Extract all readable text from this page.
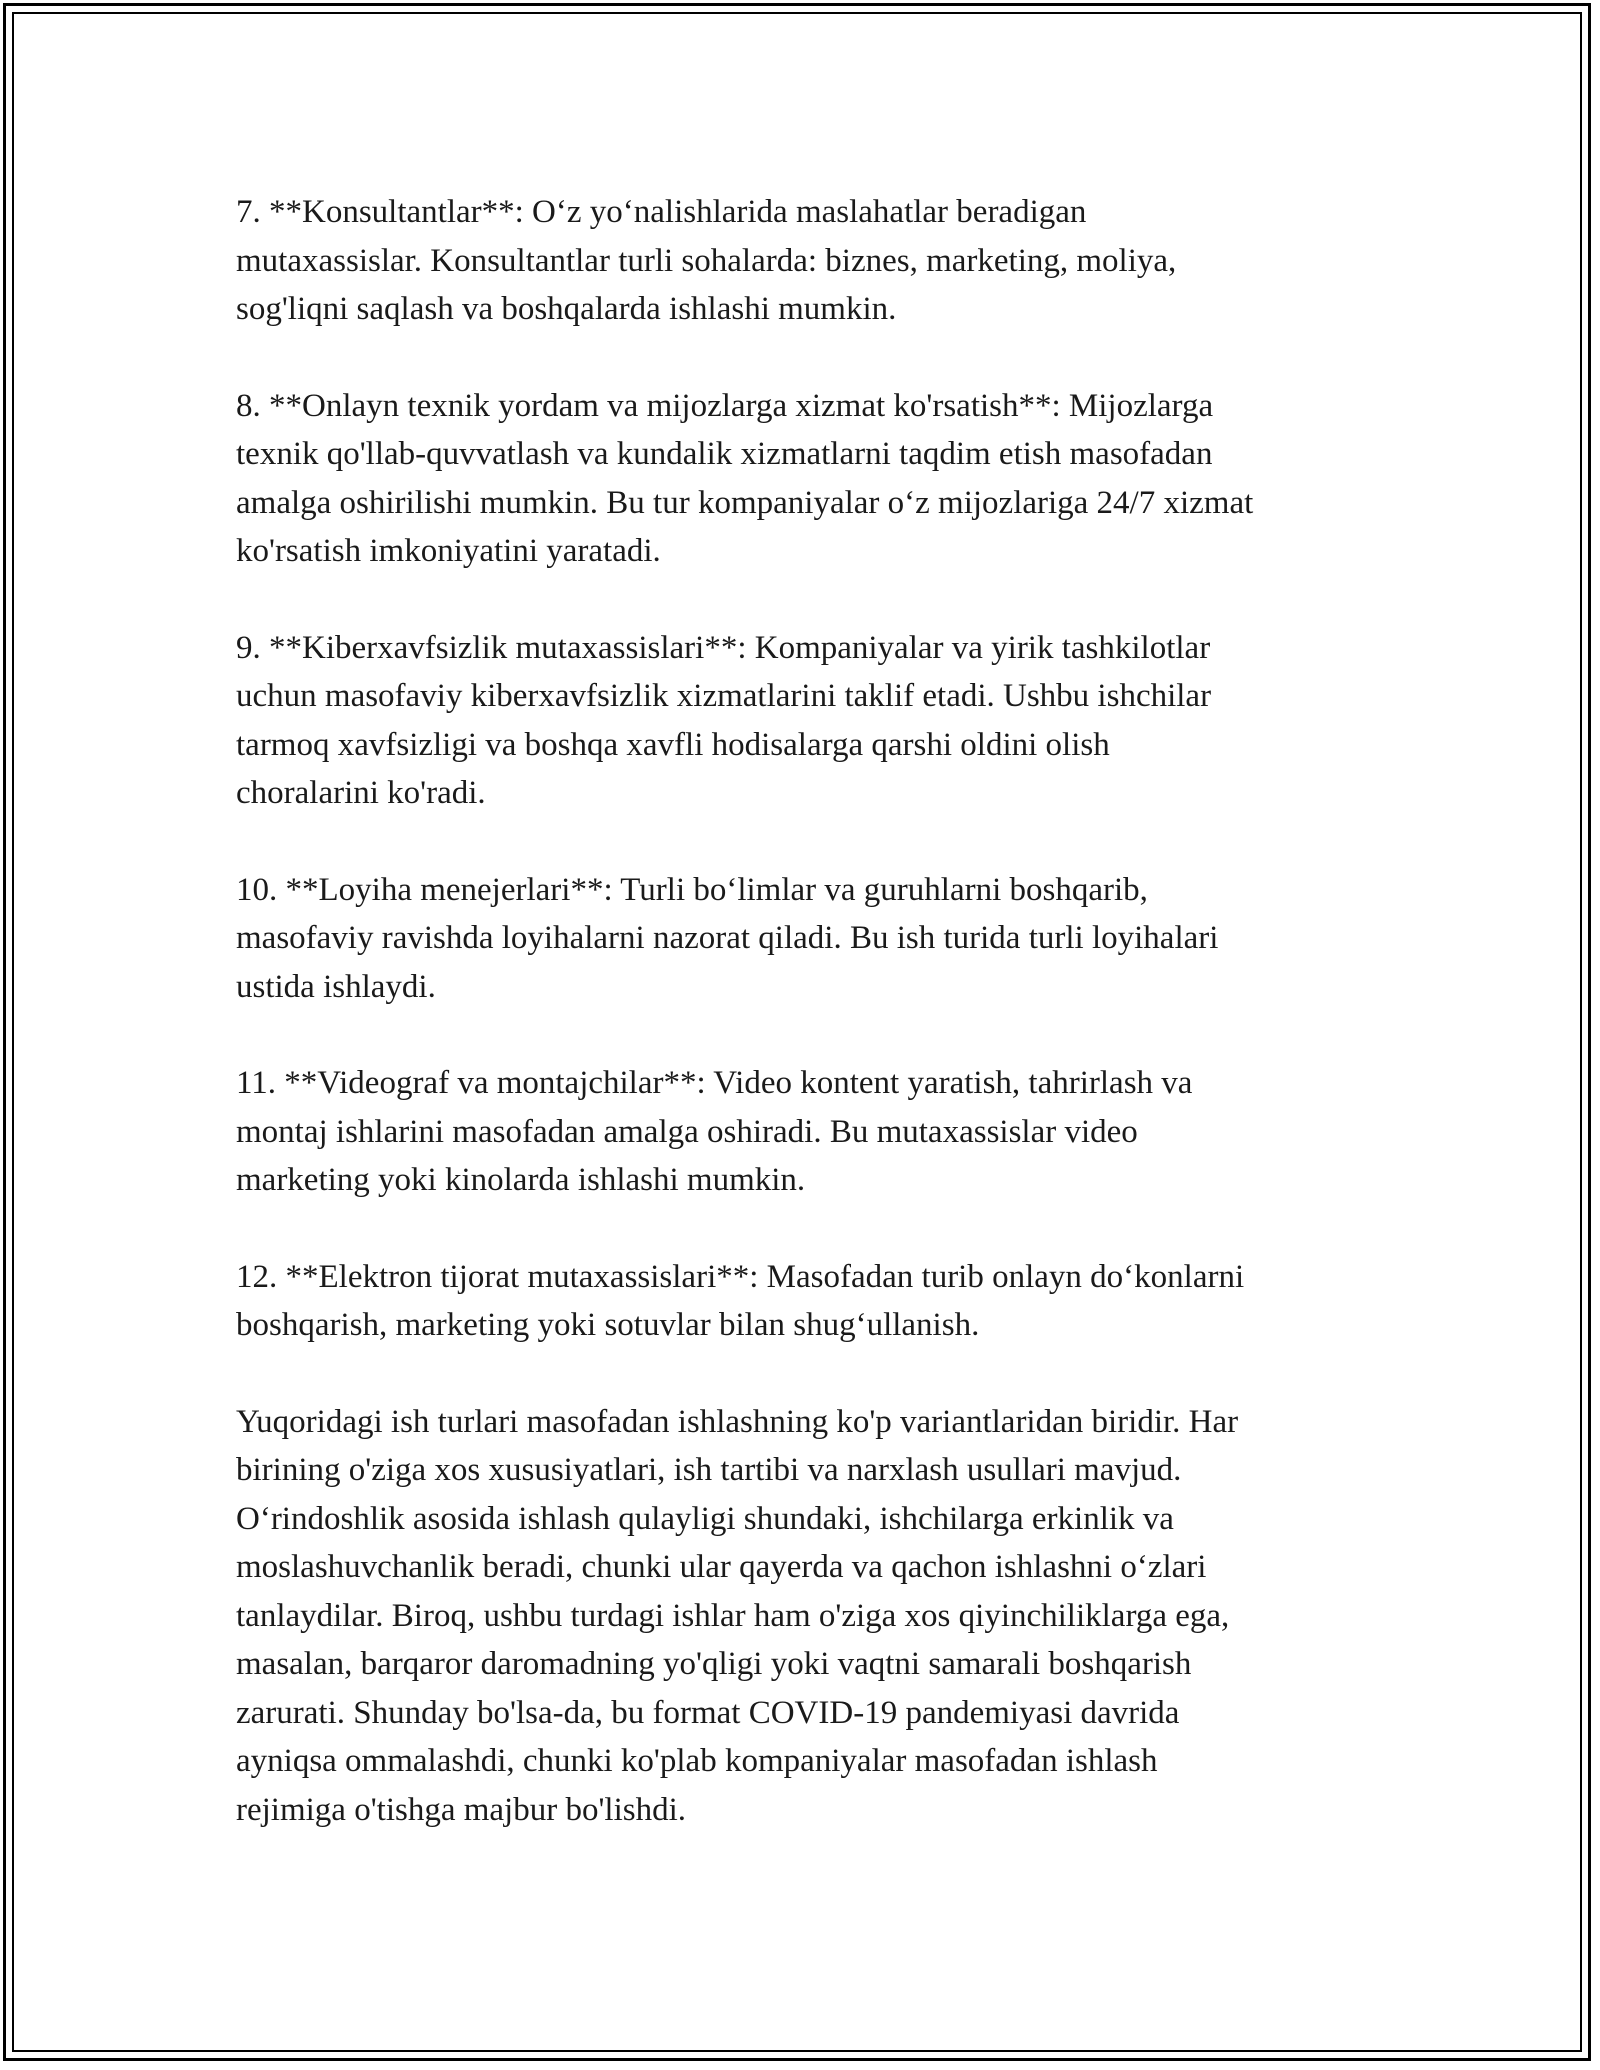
7. **Konsultantlar**: O‘z yo‘nalishlarida maslahatlar beradigan
mutaxassislar. Konsultantlar turli sohalarda: biznes, marketing, moliya,
sog'liqni saqlash va boshqalarda ishlashi mumkin.

8. **Onlayn texnik yordam va mijozlarga xizmat ko'rsatish**: Mijozlarga
texnik qo'llab-quvvatlash va kundalik xizmatlarni taqdim etish masofadan
amalga oshirilishi mumkin. Bu tur kompaniyalar o‘z mijozlariga 24/7 xizmat
ko'rsatish imkoniyatini yaratadi.

9. **Kiberxavfsizlik mutaxassislari**: Kompaniyalar va yirik tashkilotlar
uchun masofaviy kiberxavfsizlik xizmatlarini taklif etadi. Ushbu ishchilar
tarmoq xavfsizligi va boshqa xavfli hodisalarga qarshi oldini olish
choralarini ko'radi.

10. **Loyiha menejerlari**: Turli bo‘limlar va guruhlarni boshqarib,
masofaviy ravishda loyihalarni nazorat qiladi. Bu ish turida turli loyihalari
ustida ishlaydi.

11. **Videograf va montajchilar**: Video kontent yaratish, tahrirlash va
montaj ishlarini masofadan amalga oshiradi. Bu mutaxassislar video
marketing yoki kinolarda ishlashi mumkin.

12. **Elektron tijorat mutaxassislari**: Masofadan turib onlayn do‘konlarni
boshqarish, marketing yoki sotuvlar bilan shug‘ullanish.

Yuqoridagi ish turlari masofadan ishlashning ko'p variantlaridan biridir. Har
birining o'ziga xos xususiyatlari, ish tartibi va narxlash usullari mavjud.
O‘rindoshlik asosida ishlash qulayligi shundaki, ishchilarga erkinlik va
moslashuvchanlik beradi, chunki ular qayerda va qachon ishlashni o‘zlari
tanlaydilar. Biroq, ushbu turdagi ishlar ham o'ziga xos qiyinchiliklarga ega,
masalan, barqaror daromadning yo'qligi yoki vaqtni samarali boshqarish
zarurati. Shunday bo'lsa-da, bu format COVID-19 pandemiyasi davrida
ayniqsa ommalashdi, chunki ko'plab kompaniyalar masofadan ishlash
rejimiga o'tishga majbur bo'lishdi.
